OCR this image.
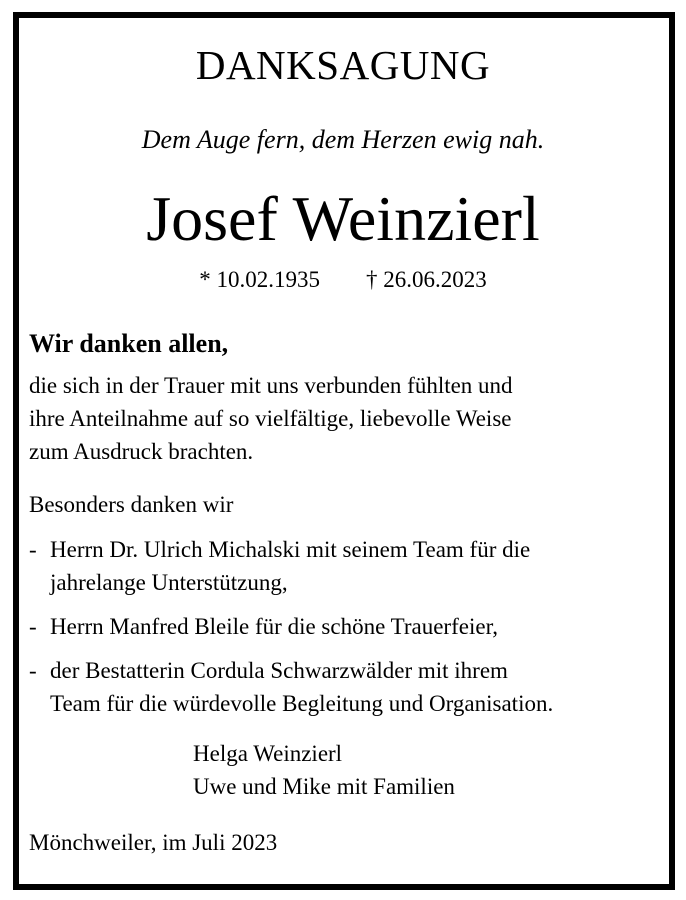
DANKSAGUNG
Dem Auge fern, dem Herzen ewig nah.
Josef Weinzierl
* 10.02.1935 † 26.06.2023
Wir danken allen,
die sich in der Trauer mit uns verbunden fühlten und
ihre Anteilnahme auf so vielfältige, liebevolle Weise
zum Ausdruck brachten.
Besonders danken wir
- Herrn Dr. Ulrich Michalski mit seinem Team für die
jahrelange Unterstützung,
- Herrn Manfred Bleile für die schöne Trauerfeier,
- der Bestatterin Cordula Schwarzwälder mit ihrem
Team für die würdevolle Begleitung und Organisation.
Helga Weinzierl
Uwe und Mike mit Familien
Mönchweiler, im Juli 2023
